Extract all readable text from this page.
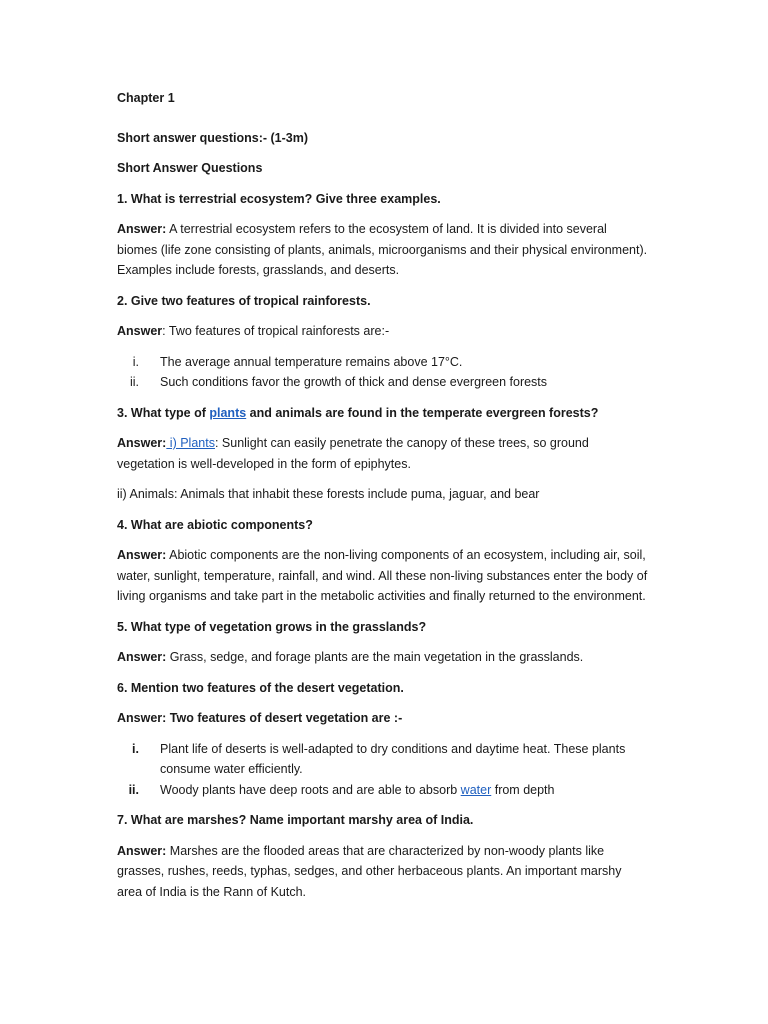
Chapter 1

Short answer questions:- (1-3m)

Short Answer Questions

1. What is terrestrial ecosystem? Give three examples.

Answer: A terrestrial ecosystem refers to the ecosystem of land. It is divided into several biomes (life zone consisting of plants, animals, microorganisms and their physical environment). Examples include forests, grasslands, and deserts.

2. Give two features of tropical rainforests.

Answer: Two features of tropical rainforests are:-

i. The average annual temperature remains above 17°C.
ii. Such conditions favor the growth of thick and dense evergreen forests

3. What type of plants and animals are found in the temperate evergreen forests?

Answer: i) Plants: Sunlight can easily penetrate the canopy of these trees, so ground vegetation is well-developed in the form of epiphytes.

ii) Animals: Animals that inhabit these forests include puma, jaguar, and bear

4. What are abiotic components?

Answer: Abiotic components are the non-living components of an ecosystem, including air, soil, water, sunlight, temperature, rainfall, and wind. All these non-living substances enter the body of living organisms and take part in the metabolic activities and finally returned to the environment.

5. What type of vegetation grows in the grasslands?

Answer: Grass, sedge, and forage plants are the main vegetation in the grasslands.

6. Mention two features of the desert vegetation.

Answer: Two features of desert vegetation are :-

i. Plant life of deserts is well-adapted to dry conditions and daytime heat. These plants consume water efficiently.
ii. Woody plants have deep roots and are able to absorb water from depth

7. What are marshes? Name important marshy area of India.

Answer: Marshes are the flooded areas that are characterized by non-woody plants like grasses, rushes, reeds, typhas, sedges, and other herbaceous plants. An important marshy area of India is the Rann of Kutch.
